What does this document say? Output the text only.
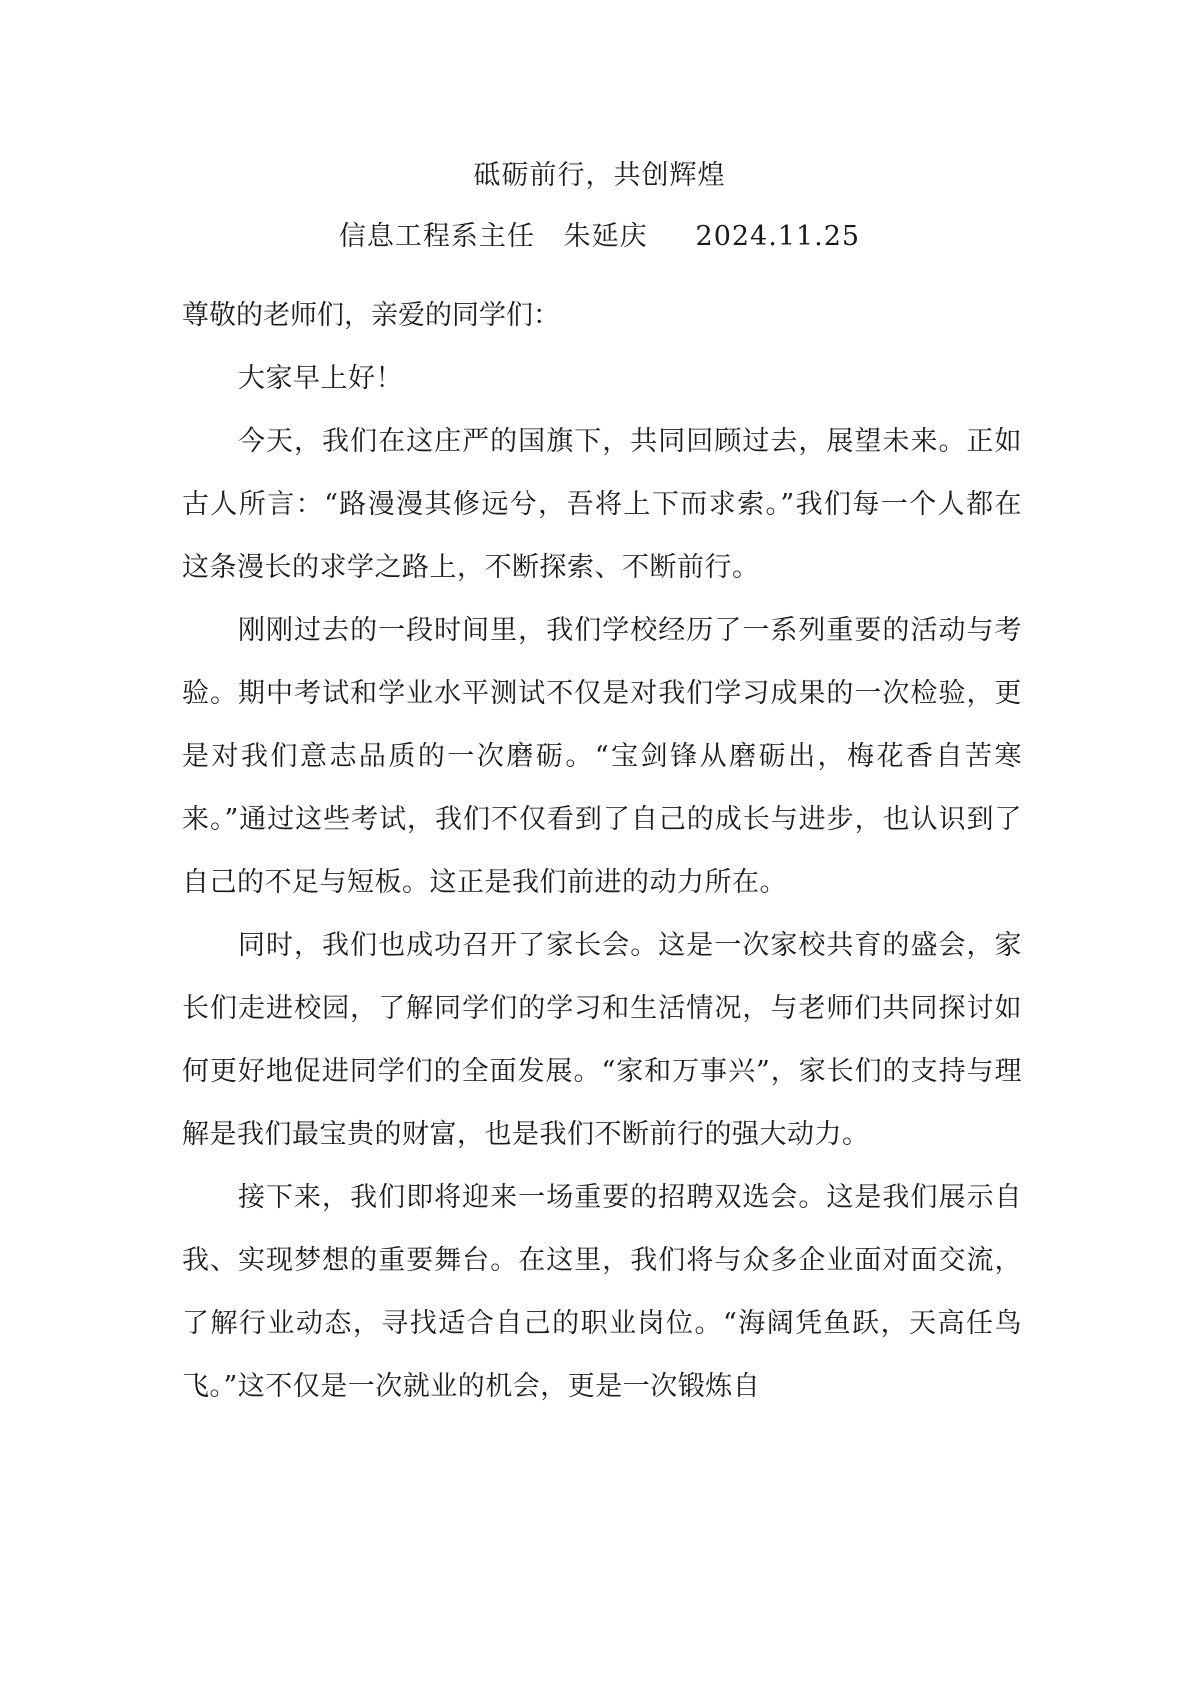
砥砺前行，共创辉煌
信息工程系主任   朱延庆     2024.11.25

尊敬的老师们，亲爱的同学们：

大家早上好！

今天，我们在这庄严的国旗下，共同回顾过去，展望未来。正如古人所言：“路漫漫其修远兮，吾将上下而求索。”我们每一个人都在这条漫长的求学之路上，不断探索、不断前行。

刚刚过去的一段时间里，我们学校经历了一系列重要的活动与考验。期中考试和学业水平测试不仅是对我们学习成果的一次检验，更是对我们意志品质的一次磨砺。“宝剑锋从磨砺出，梅花香自苦寒来。”通过这些考试，我们不仅看到了自己的成长与进步，也认识到了自己的不足与短板。这正是我们前进的动力所在。

同时，我们也成功召开了家长会。这是一次家校共育的盛会，家长们走进校园，了解同学们的学习和生活情况，与老师们共同探讨如何更好地促进同学们的全面发展。“家和万事兴”，家长们的支持与理解是我们最宝贵的财富，也是我们不断前行的强大动力。

接下来，我们即将迎来一场重要的招聘双选会。这是我们展示自我、实现梦想的重要舞台。在这里，我们将与众多企业面对面交流，了解行业动态，寻找适合自己的职业岗位。“海阔凭鱼跃，天高任鸟飞。”这不仅是一次就业的机会，更是一次锻炼自
